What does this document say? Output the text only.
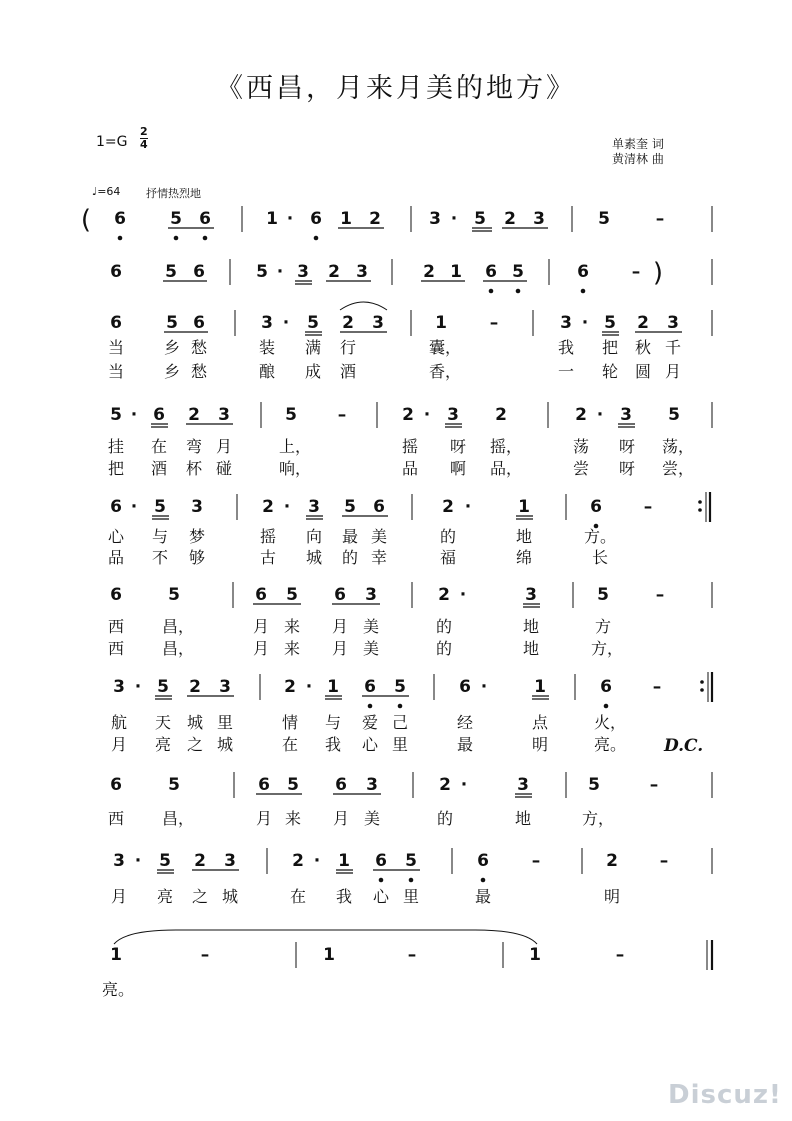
《西昌，月来月美的地方》
1=G
2
4	单素奎 词
黄清林 曲
♩=64 抒情热烈地
6	5 6	1 · 6 1 2	3 · 5 2 3	5	–
(
6	5 6	5 · 3 2 3	2 1 6 5	6	– )
6	5 6	3 · 5 2 3	1	–	3 · 5 2 3
当 乡 愁	装 满 行	囊，	我 把 秋 千
当 乡 愁	酿 成 酒	香，	一 轮 圆 月
5 · 6 2 3	5 –	2 · 3 2	2 · 3 5
挂 在 弯 月	上，	摇 呀 摇，	荡 呀 荡，
把 酒 杯 碰	响，	品 啊 品，	尝 呀 尝，
6 · 5 3	2 · 3 5 6	2 ·	1	6 –
心 与 梦	摇 向 最 美	的	地	方。
品 不 够	古 城 的 幸	福	绵	长
6	5	6 5 6 3	2 ·	3	5	–
西 昌，	月 来 月 美	的	地	方
西 昌，	月 来 月 美	的	地	方，
3 · 5 2 3	2 · 1 6 5	6 ·	1	6 –
航 天 城 里	情 与 爱 己	经	点	火，
月 亮 之 城	在 我 心 里	最	明	亮。
6	5	6 5 6 3	2 ·	3	5	–
西 昌，	月 来 月 美	的	地	方，
3 · 5 2 3	2 · 1 6 5	6	–	2 –
月 亮 之 城	在 我 心 里	最	明
1	–	1	–	1	–
亮。
D.C.
Discuz!
